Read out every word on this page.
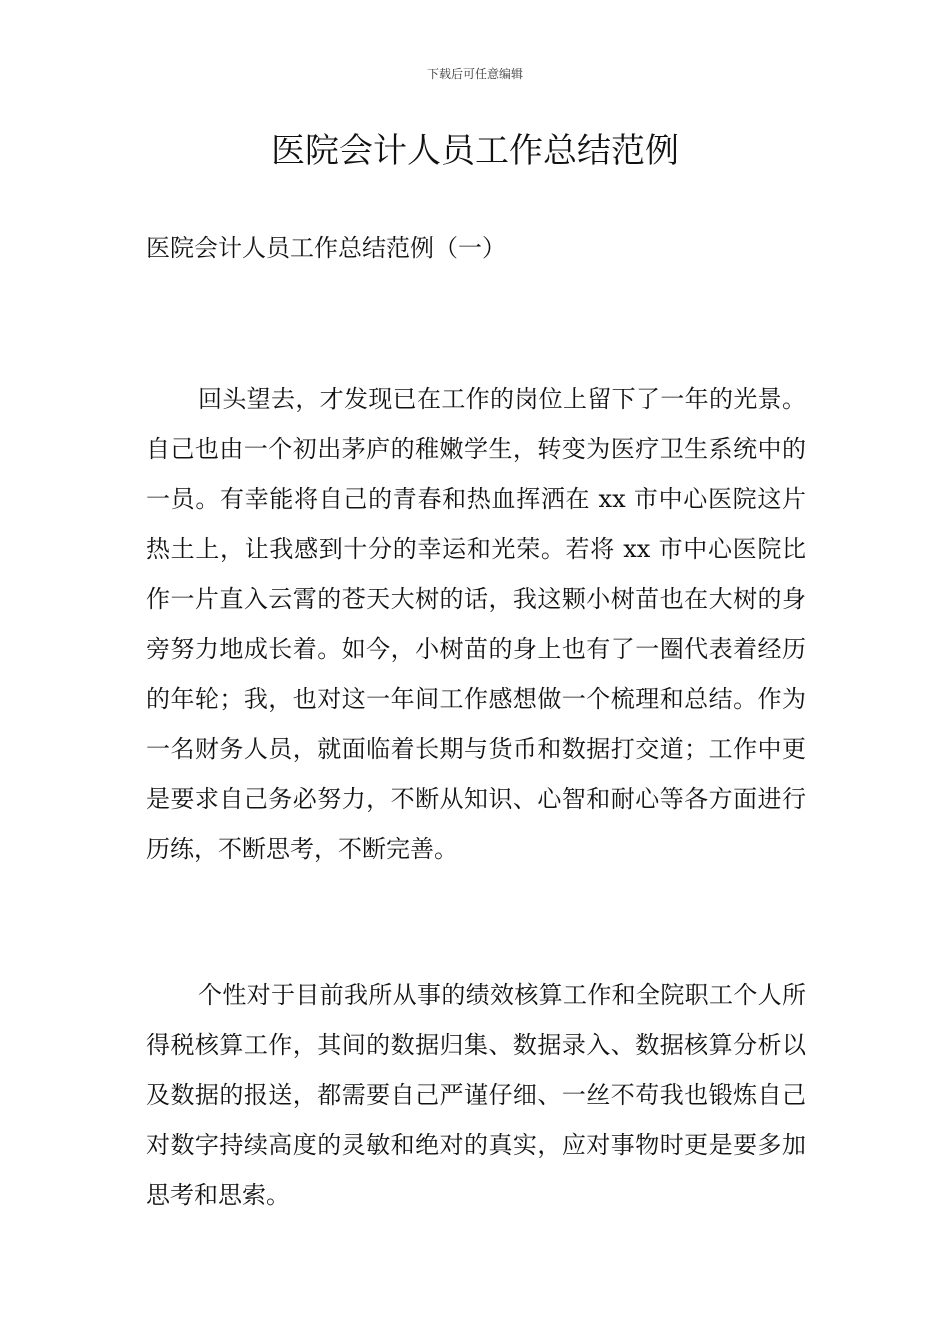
下载后可任意编辑
医院会计人员工作总结范例

医院会计人员工作总结范例（一）

回头望去，才发现已在工作的岗位上留下了一年的光景。自己也由一个初出茅庐的稚嫩学生，转变为医疗卫生系统中的一员。有幸能将自己的青春和热血挥洒在 xx 市中心医院这片热土上，让我感到十分的幸运和光荣。若将 xx 市中心医院比作一片直入云霄的苍天大树的话，我这颗小树苗也在大树的身旁努力地成长着。如今，小树苗的身上也有了一圈代表着经历的年轮；我，也对这一年间工作感想做一个梳理和总结。作为一名财务人员，就面临着长期与货币和数据打交道；工作中更是要求自己务必努力，不断从知识、心智和耐心等各方面进行历练，不断思考，不断完善。

个性对于目前我所从事的绩效核算工作和全院职工个人所得税核算工作，其间的数据归集、数据录入、数据核算分析以及数据的报送，都需要自己严谨仔细、一丝不苟我也锻炼自己对数字持续高度的灵敏和绝对的真实，应对事物时更是要多加思考和思索。
